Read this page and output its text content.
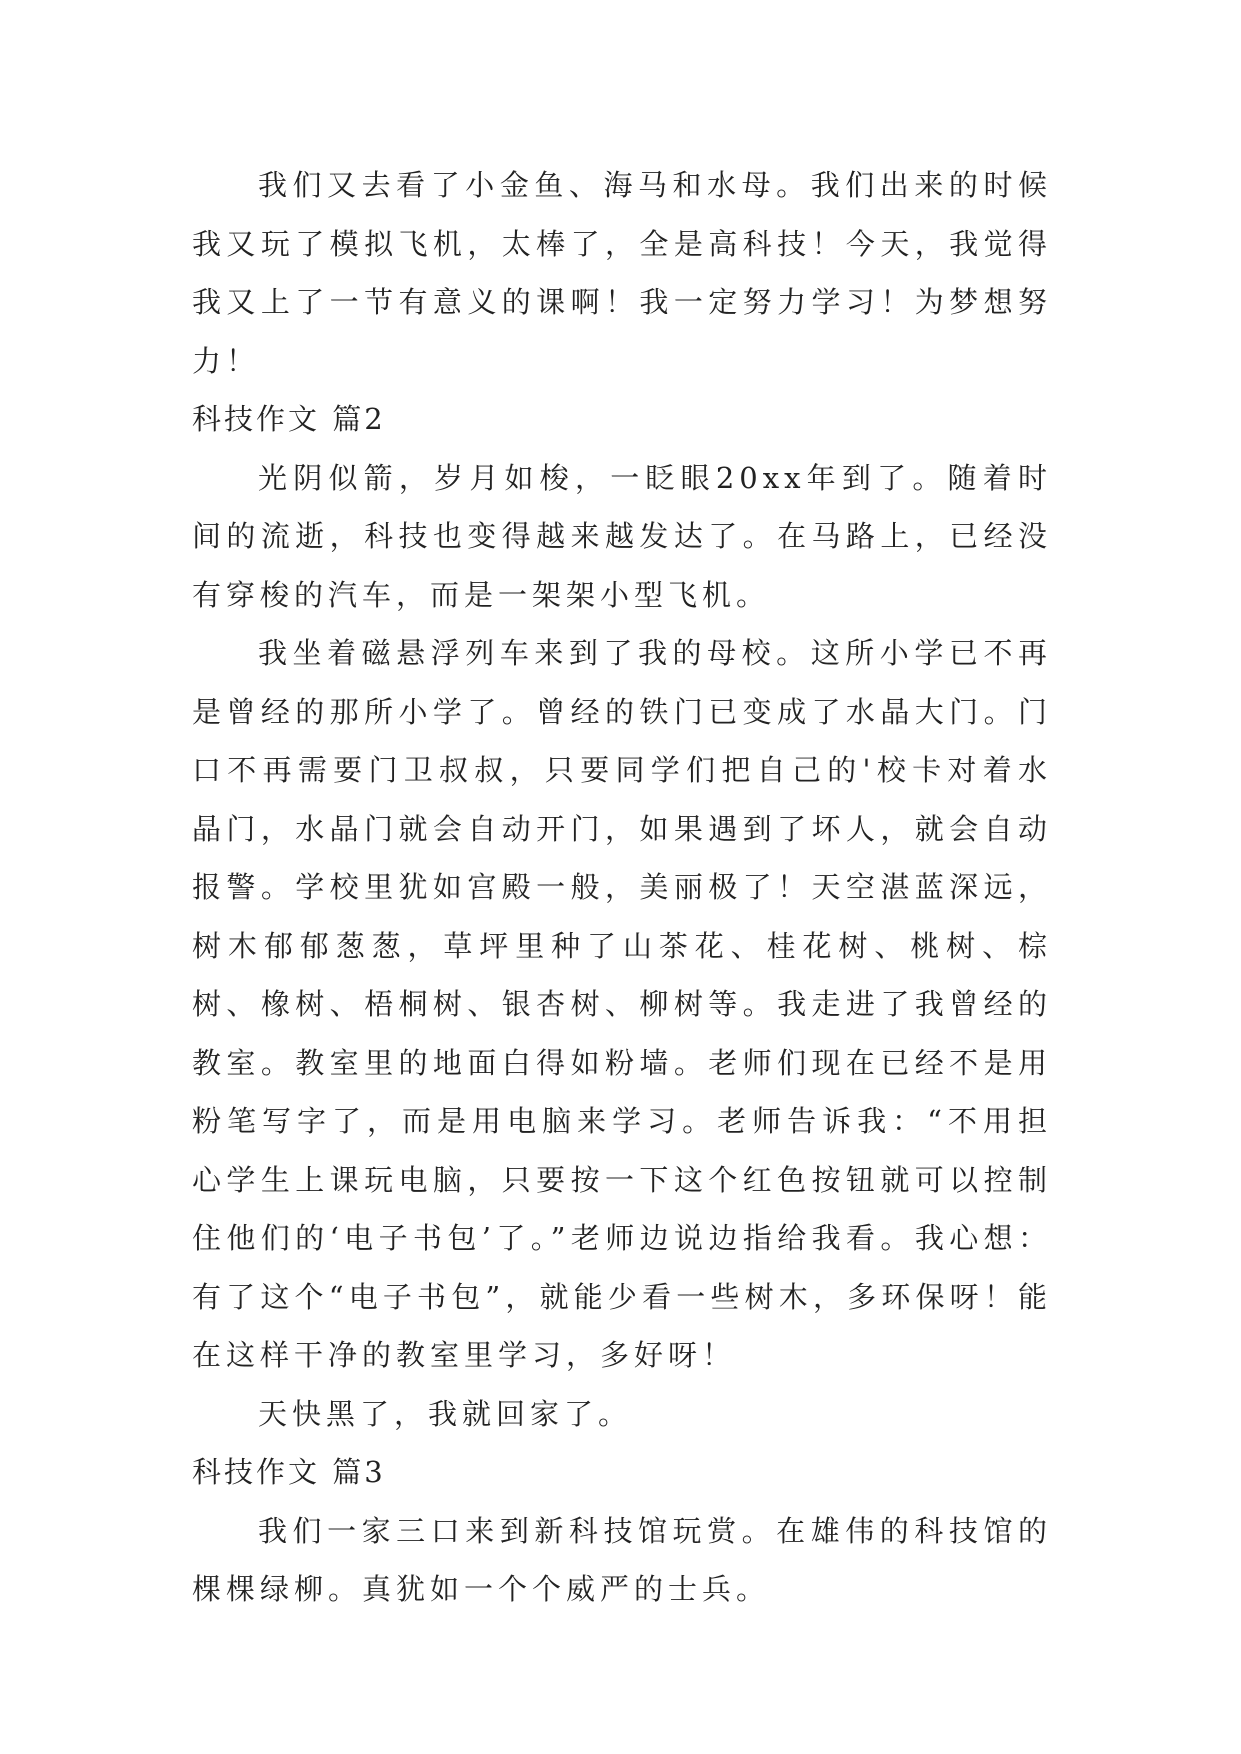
我们又去看了小金鱼、海马和水母。我们出来的时候我又玩了模拟飞机，太棒了，全是高科技！今天，我觉得我又上了一节有意义的课啊！我一定努力学习！为梦想努力！

科技作文 篇2

光阴似箭，岁月如梭，一眨眼20xx年到了。随着时间的流逝，科技也变得越来越发达了。在马路上，已经没有穿梭的汽车，而是一架架小型飞机。

我坐着磁悬浮列车来到了我的母校。这所小学已不再是曾经的那所小学了。曾经的铁门已变成了水晶大门。门口不再需要门卫叔叔，只要同学们把自己的'校卡对着水晶门，水晶门就会自动开门，如果遇到了坏人，就会自动报警。学校里犹如宫殿一般，美丽极了！天空湛蓝深远，树木郁郁葱葱，草坪里种了山茶花、桂花树、桃树、棕树、橡树、梧桐树、银杏树、柳树等。我走进了我曾经的教室。教室里的地面白得如粉墙。老师们现在已经不是用粉笔写字了，而是用电脑来学习。老师告诉我：“不用担心学生上课玩电脑，只要按一下这个红色按钮就可以控制住他们的‘电子书包’了。”老师边说边指给我看。我心想：有了这个“电子书包”，就能少看一些树木，多环保呀！能在这样干净的教室里学习，多好呀！

天快黑了，我就回家了。

科技作文 篇3

我们一家三口来到新科技馆玩赏。在雄伟的科技馆的棵棵绿柳。真犹如一个个威严的士兵。
